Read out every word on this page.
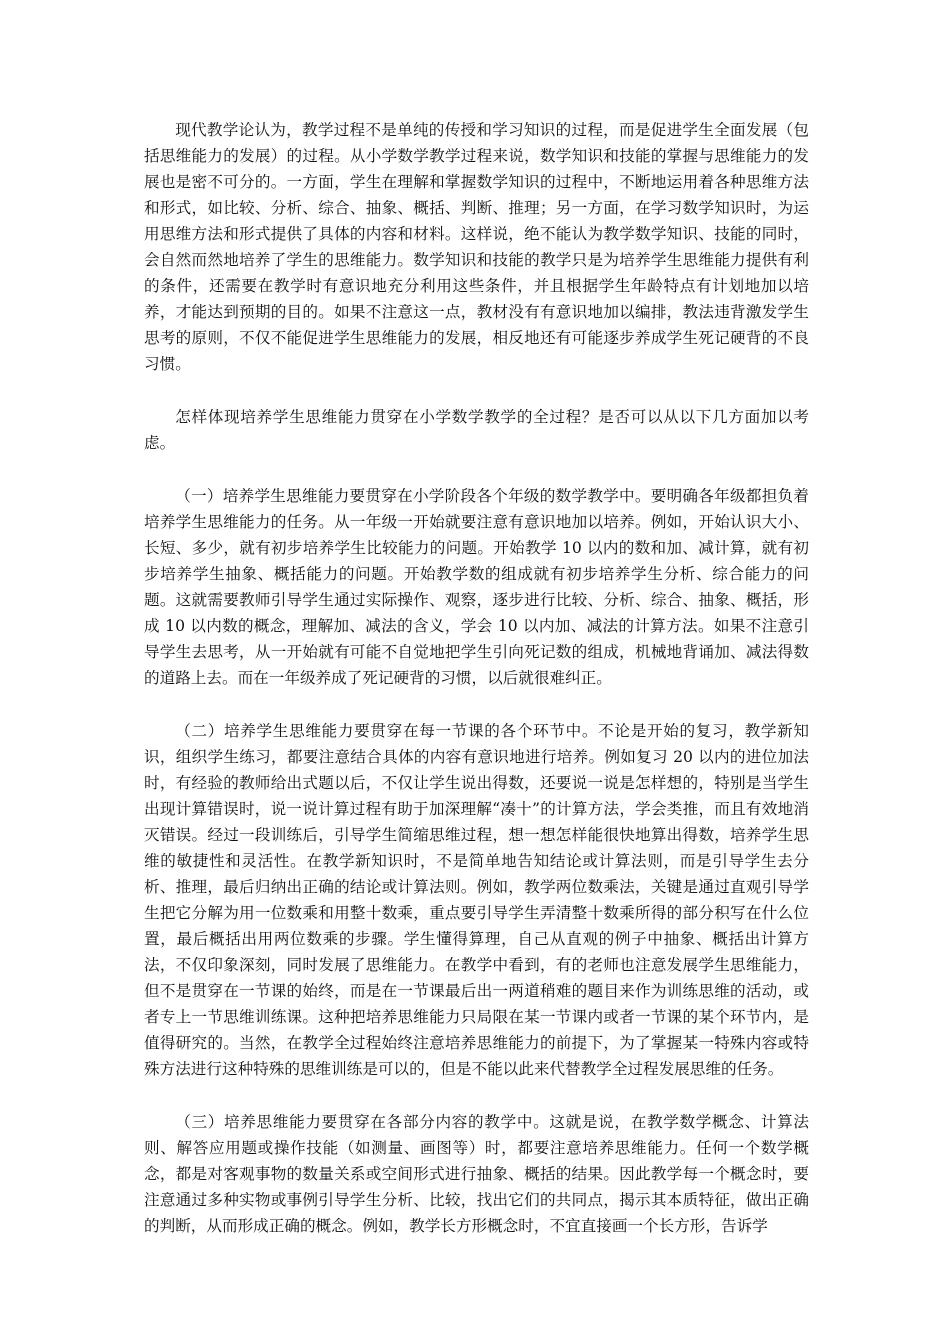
现代教学论认为，教学过程不是单纯的传授和学习知识的过程，而是促进学生全面发展（包括思维能力的发展）的过程。从小学数学教学过程来说，数学知识和技能的掌握与思维能力的发展也是密不可分的。一方面，学生在理解和掌握数学知识的过程中，不断地运用着各种思维方法和形式，如比较、分析、综合、抽象、概括、判断、推理；另一方面，在学习数学知识时，为运用思维方法和形式提供了具体的内容和材料。这样说，绝不能认为教学数学知识、技能的同时，会自然而然地培养了学生的思维能力。数学知识和技能的教学只是为培养学生思维能力提供有利的条件，还需要在教学时有意识地充分利用这些条件，并且根据学生年龄特点有计划地加以培养，才能达到预期的目的。如果不注意这一点，教材没有有意识地加以编排，教法违背激发学生思考的原则，不仅不能促进学生思维能力的发展，相反地还有可能逐步养成学生死记硬背的不良习惯。

怎样体现培养学生思维能力贯穿在小学数学教学的全过程？是否可以从以下几方面加以考虑。

（一）培养学生思维能力要贯穿在小学阶段各个年级的数学教学中。要明确各年级都担负着培养学生思维能力的任务。从一年级一开始就要注意有意识地加以培养。例如，开始认识大小、长短、多少，就有初步培养学生比较能力的问题。开始教学 10 以内的数和加、减计算，就有初步培养学生抽象、概括能力的问题。开始教学数的组成就有初步培养学生分析、综合能力的问题。这就需要教师引导学生通过实际操作、观察，逐步进行比较、分析、综合、抽象、概括，形成 10 以内数的概念，理解加、减法的含义，学会 10 以内加、减法的计算方法。如果不注意引导学生去思考，从一开始就有可能不自觉地把学生引向死记数的组成，机械地背诵加、减法得数的道路上去。而在一年级养成了死记硬背的习惯，以后就很难纠正。

（二）培养学生思维能力要贯穿在每一节课的各个环节中。不论是开始的复习，教学新知识，组织学生练习，都要注意结合具体的内容有意识地进行培养。例如复习 20 以内的进位加法时，有经验的教师给出式题以后，不仅让学生说出得数，还要说一说是怎样想的，特别是当学生出现计算错误时，说一说计算过程有助于加深理解“凑十”的计算方法，学会类推，而且有效地消灭错误。经过一段训练后，引导学生简缩思维过程，想一想怎样能很快地算出得数，培养学生思维的敏捷性和灵活性。在教学新知识时，不是简单地告知结论或计算法则，而是引导学生去分析、推理，最后归纳出正确的结论或计算法则。例如，教学两位数乘法，关键是通过直观引导学生把它分解为用一位数乘和用整十数乘，重点要引导学生弄清整十数乘所得的部分积写在什么位置，最后概括出用两位数乘的步骤。学生懂得算理，自己从直观的例子中抽象、概括出计算方法，不仅印象深刻，同时发展了思维能力。在教学中看到，有的老师也注意发展学生思维能力，但不是贯穿在一节课的始终，而是在一节课最后出一两道稍难的题目来作为训练思维的活动，或者专上一节思维训练课。这种把培养思维能力只局限在某一节课内或者一节课的某个环节内，是值得研究的。当然，在教学全过程始终注意培养思维能力的前提下，为了掌握某一特殊内容或特殊方法进行这种特殊的思维训练是可以的，但是不能以此来代替教学全过程发展思维的任务。

（三）培养思维能力要贯穿在各部分内容的教学中。这就是说，在教学数学概念、计算法则、解答应用题或操作技能（如测量、画图等）时，都要注意培养思维能力。任何一个数学概念，都是对客观事物的数量关系或空间形式进行抽象、概括的结果。因此教学每一个概念时，要注意通过多种实物或事例引导学生分析、比较，找出它们的共同点，揭示其本质特征，做出正确的判断，从而形成正确的概念。例如，教学长方形概念时，不宜直接画一个长方形，告诉学
